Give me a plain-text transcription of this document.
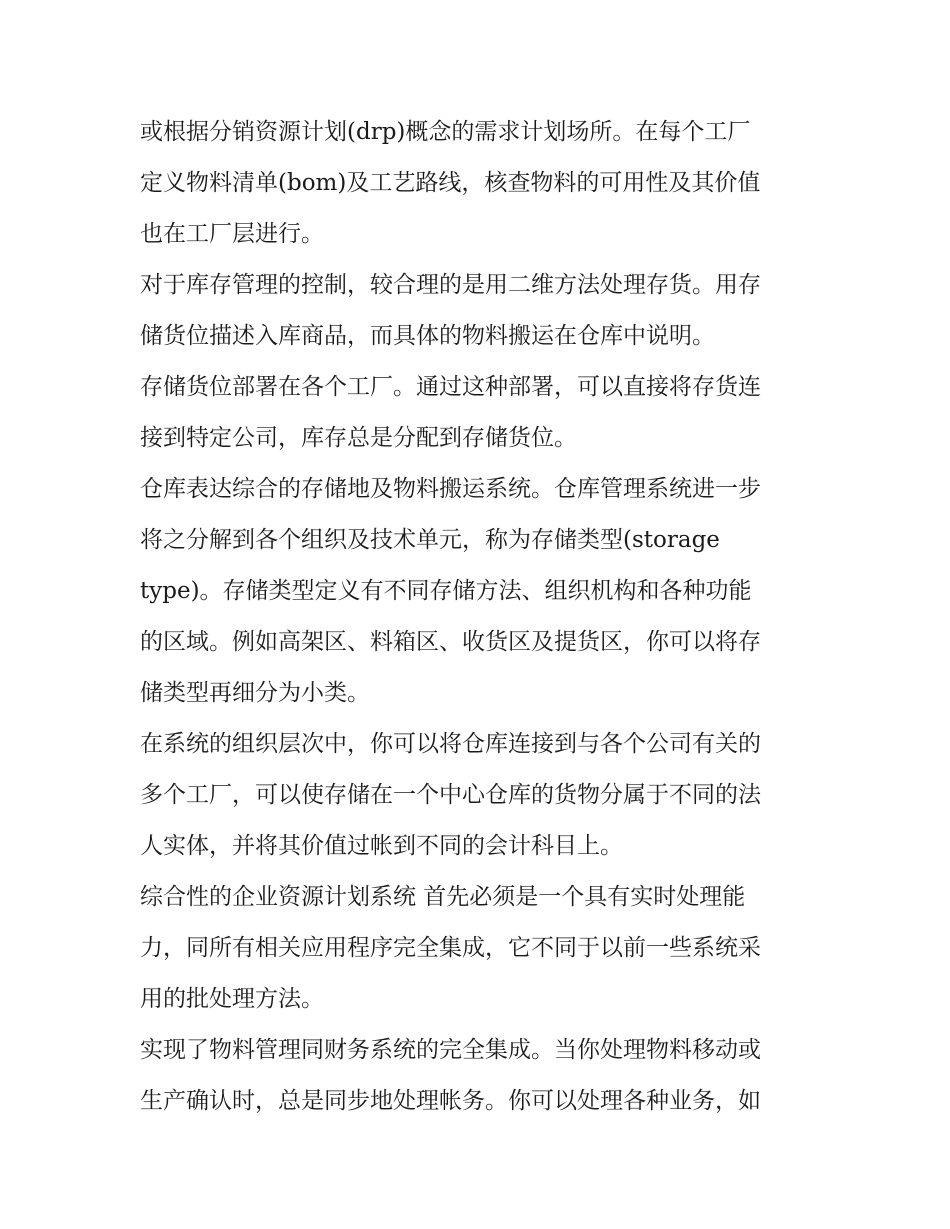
或根据分销资源计划(drp)概念的需求计划场所。在每个工厂
定义物料清单(bom)及工艺路线，核查物料的可用性及其价值
也在工厂层进行。
对于库存管理的控制，较合理的是用二维方法处理存货。用存
储货位描述入库商品，而具体的物料搬运在仓库中说明。
存储货位部署在各个工厂。通过这种部署，可以直接将存货连
接到特定公司，库存总是分配到存储货位。
仓库表达综合的存储地及物料搬运系统。仓库管理系统进一步
将之分解到各个组织及技术单元，称为存储类型(storage
type)。存储类型定义有不同存储方法、组织机构和各种功能
的区域。例如高架区、料箱区、收货区及提货区，你可以将存
储类型再细分为小类。
在系统的组织层次中，你可以将仓库连接到与各个公司有关的
多个工厂，可以使存储在一个中心仓库的货物分属于不同的法
人实体，并将其价值过帐到不同的会计科目上。
综合性的企业资源计划系统 首先必须是一个具有实时处理能
力，同所有相关应用程序完全集成，它不同于以前一些系统采
用的批处理方法。
实现了物料管理同财务系统的完全集成。当你处理物料移动或
生产确认时，总是同步地处理帐务。你可以处理各种业务，如
